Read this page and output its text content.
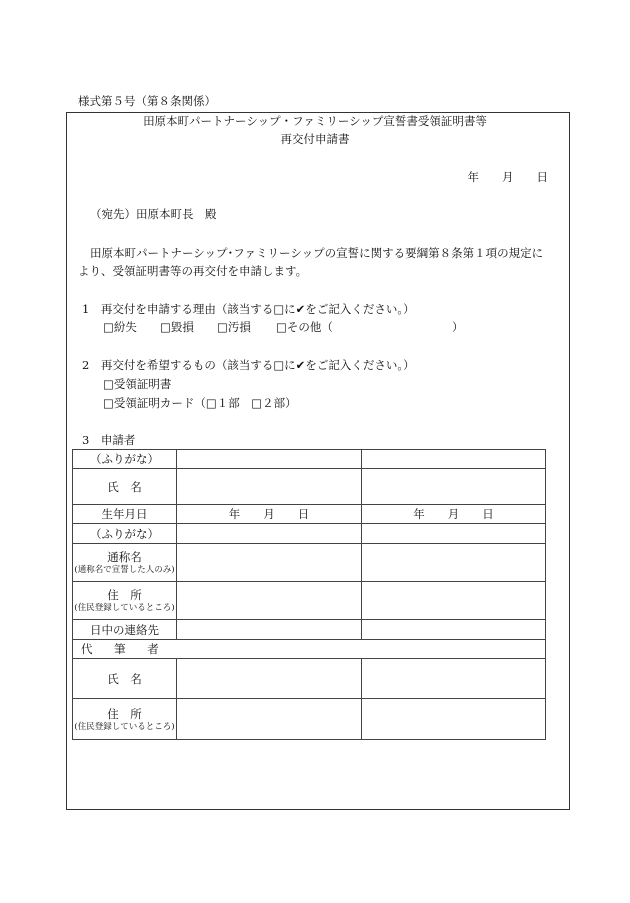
様式第５号（第８条関係）
田原本町パートナーシップ・ファミリーシップ宣誓書受領証明書等
再交付申請書
年　　月　　日
（宛先）田原本町長　殿
田原本町パートナーシップ･ファミリーシップの宣誓に関する要綱第８条第１項の規定に
より、受領証明書等の再交付を申請します。
1　再交付を申請する理由（該当する□に✔をご記入ください。）
□紛失 □毀損 □汚損 □その他（	）
2　再交付を希望するもの（該当する□に✔をご記入ください。）
□受領証明書
□受領証明カード（□１部　□２部）
3　申請者
（ふりがな）		
氏　名		
生年月日	年　　月　　日	年　　月　　日
（ふりがな）		
通称名
(通称名で宣誓した人のみ)		

住　所
(住民登録しているところ)		

日中の連絡先		
代 筆 者		
氏　名		
住　所
(住民登録しているところ)		
